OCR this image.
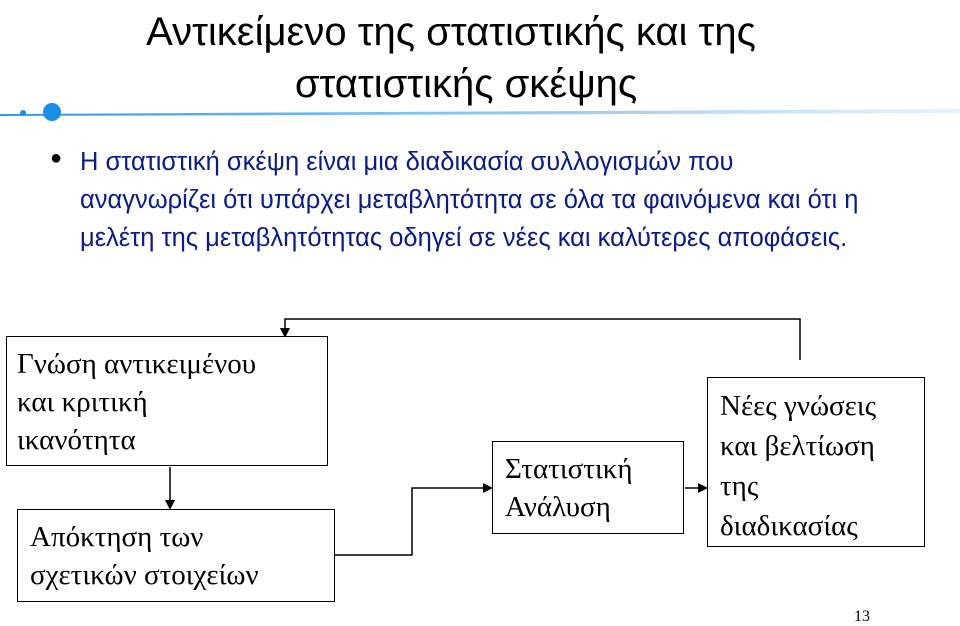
Αντικείμενο της στατιστικής και της
στατιστικής σκέψης
● Η στατιστική σκέψη είναι μια διαδικασία συλλογισμών που αναγνωρίζει ότι υπάρχει μεταβλητότητα σε όλα τα φαινόμενα και ότι η μελέτη της μεταβλητότητας οδηγεί σε νέες και καλύτερες αποφάσεις.
Γνώση αντικειμένου
και κριτική
ικανότητα
Απόκτηση των
σχετικών στοιχείων
Στατιστική
Ανάλυση
Νέες γνώσεις
και βελτίωση
της
διαδικασίας
13
